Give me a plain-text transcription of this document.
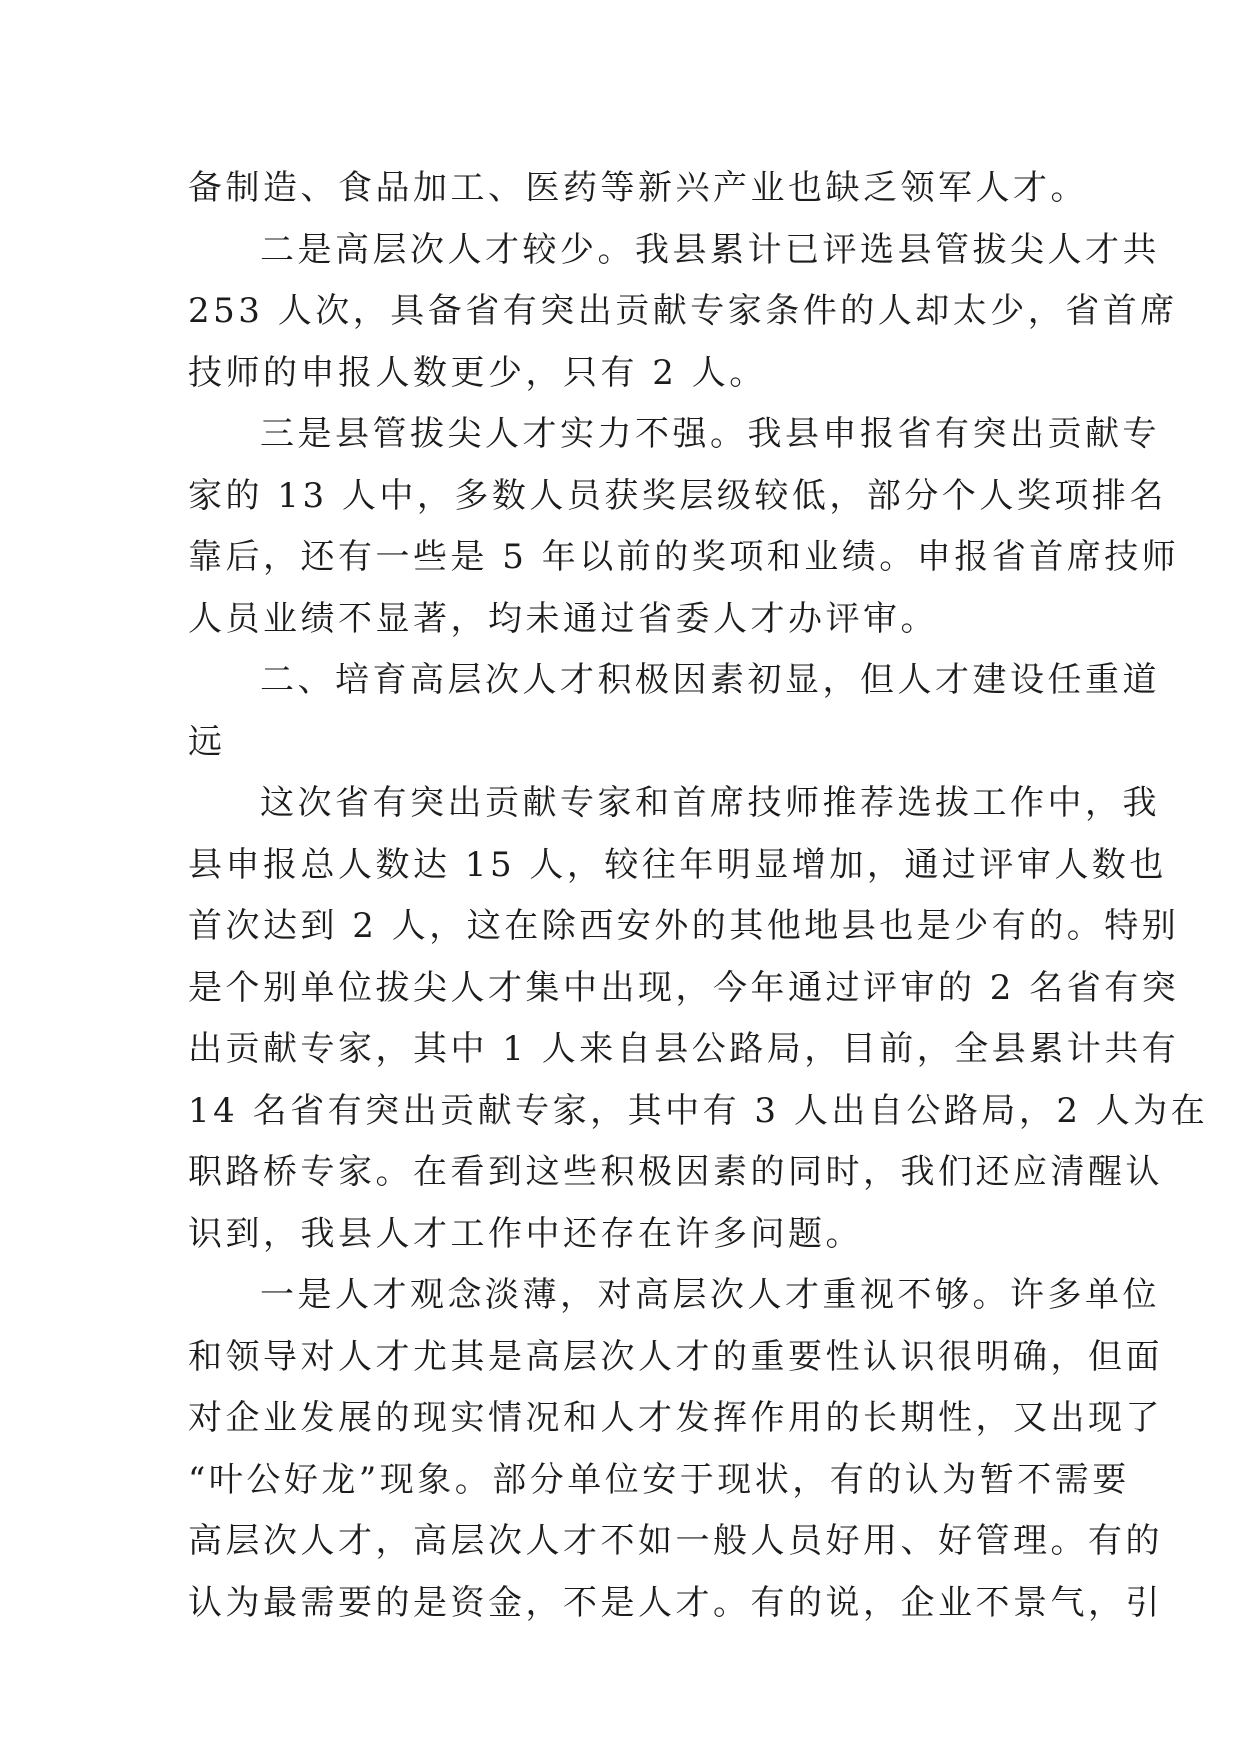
备制造、食品加工、医药等新兴产业也缺乏领军人才。
二是高层次人才较少。我县累计已评选县管拔尖人才共
253 人次，具备省有突出贡献专家条件的人却太少，省首席
技师的申报人数更少，只有 2 人。
三是县管拔尖人才实力不强。我县申报省有突出贡献专
家的 13 人中，多数人员获奖层级较低，部分个人奖项排名
靠后，还有一些是 5 年以前的奖项和业绩。申报省首席技师
人员业绩不显著，均未通过省委人才办评审。
二、培育高层次人才积极因素初显，但人才建设任重道
远
这次省有突出贡献专家和首席技师推荐选拔工作中，我
县申报总人数达 15 人，较往年明显增加，通过评审人数也
首次达到 2 人，这在除西安外的其他地县也是少有的。特别
是个别单位拔尖人才集中出现，今年通过评审的 2 名省有突
出贡献专家，其中 1 人来自县公路局，目前，全县累计共有
14 名省有突出贡献专家，其中有 3 人出自公路局，2 人为在
职路桥专家。在看到这些积极因素的同时，我们还应清醒认
识到，我县人才工作中还存在许多问题。
一是人才观念淡薄，对高层次人才重视不够。许多单位
和领导对人才尤其是高层次人才的重要性认识很明确，但面
对企业发展的现实情况和人才发挥作用的长期性，又出现了
“叶公好龙”现象。部分单位安于现状，有的认为暂不需要
高层次人才，高层次人才不如一般人员好用、好管理。有的
认为最需要的是资金，不是人才。有的说，企业不景气，引
